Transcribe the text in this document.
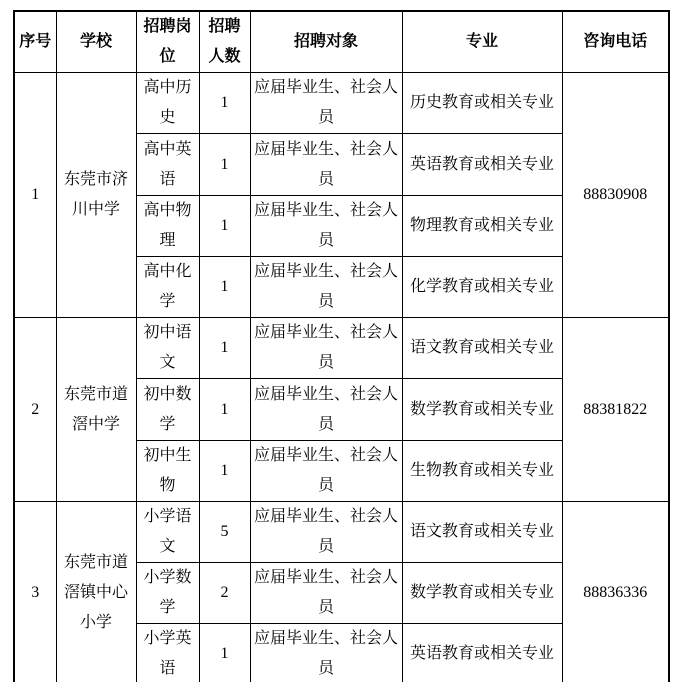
序号	学校	招聘岗位	招聘人数	招聘对象	专业	咨询电话
1	东莞市济川中学	高中历史	1	应届毕业生、社会人员	历史教育或相关专业	88830908
		高中英语	1	应届毕业生、社会人员	英语教育或相关专业	
		高中物理	1	应届毕业生、社会人员	物理教育或相关专业	
		高中化学	1	应届毕业生、社会人员	化学教育或相关专业	
2	东莞市道滘中学	初中语文	1	应届毕业生、社会人员	语文教育或相关专业	88381822
		初中数学	1	应届毕业生、社会人员	数学教育或相关专业	
		初中生物	1	应届毕业生、社会人员	生物教育或相关专业	
3	东莞市道滘镇中心小学	小学语文	5	应届毕业生、社会人员	语文教育或相关专业	88836336
		小学数学	2	应届毕业生、社会人员	数学教育或相关专业	
		小学英语	1	应届毕业生、社会人员	英语教育或相关专业	
